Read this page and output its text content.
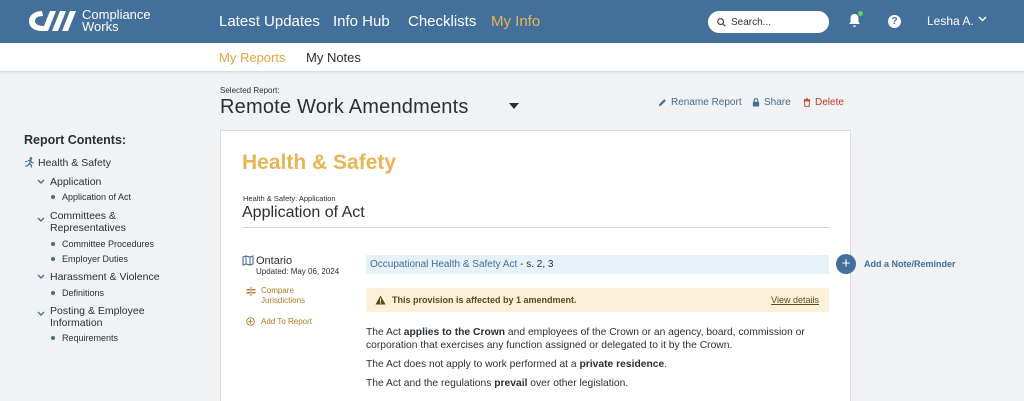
Compliance
Works	Latest Updates Info Hub Checklists My Info	Search...	? Lesha A.
My Reports My Notes
Selected Report:
Remote Work Amendments	Rename Report Share Delete
Report Contents:
Health & Safety
Application
Application of Act
Committees &
Representatives
Committee Procedures
Employer Duties
Harassment & Violence
Definitions
Posting & Employee
Information
Requirements
Health & Safety
Health & Safety: Application
Application of Act
Ontario
Updated: May 06, 2024
Compare
Jurisdictions
Add To Report
Occupational Health & Safety Act - s. 2, 3
This provision is affected by 1 amendment.	View details
The Act applies to the Crown and employees of the Crown or an agency, board, commission or corporation that exercises any function assigned or delegated to it by the Crown.
The Act does not apply to work performed at a private residence.
The Act and the regulations prevail over other legislation.
+	Add a Note/Reminder
